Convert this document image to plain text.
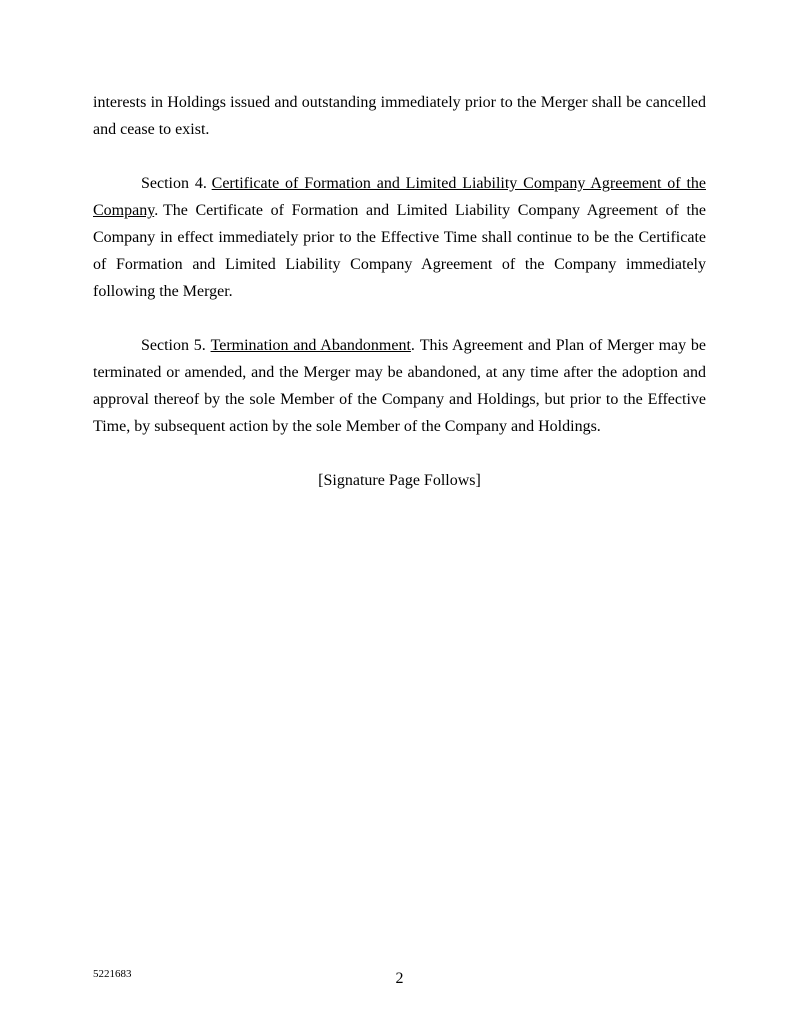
interests in Holdings issued and outstanding immediately prior to the Merger shall be cancelled and cease to exist.

Section 4. Certificate of Formation and Limited Liability Company Agreement of the Company. The Certificate of Formation and Limited Liability Company Agreement of the Company in effect immediately prior to the Effective Time shall continue to be the Certificate of Formation and Limited Liability Company Agreement of the Company immediately following the Merger.

Section 5. Termination and Abandonment. This Agreement and Plan of Merger may be terminated or amended, and the Merger may be abandoned, at any time after the adoption and approval thereof by the sole Member of the Company and Holdings, but prior to the Effective Time, by subsequent action by the sole Member of the Company and Holdings.

[Signature Page Follows]

5221683	2
